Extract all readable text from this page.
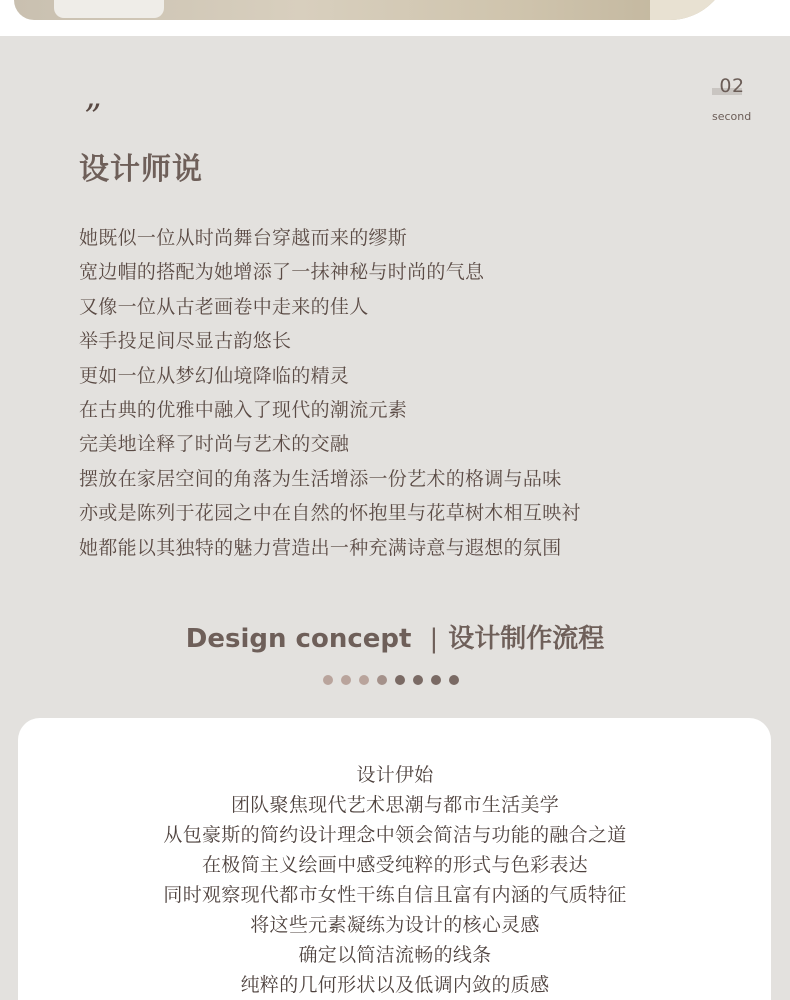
02
second
”
设计师说
她既似一位从时尚舞台穿越而来的缪斯
宽边帽的搭配为她增添了一抹神秘与时尚的气息
又像一位从古老画卷中走来的佳人
举手投足间尽显古韵悠长
更如一位从梦幻仙境降临的精灵
在古典的优雅中融入了现代的潮流元素
完美地诠释了时尚与艺术的交融
摆放在家居空间的角落为生活增添一份艺术的格调与品味
亦或是陈列于花园之中在自然的怀抱里与花草树木相互映衬
她都能以其独特的魅力营造出一种充满诗意与遐想的氛围
Design concept | 设计制作流程
设计伊始
团队聚焦现代艺术思潮与都市生活美学
从包豪斯的简约设计理念中领会简洁与功能的融合之道
在极简主义绘画中感受纯粹的形式与色彩表达
同时观察现代都市女性干练自信且富有内涵的气质特征
将这些元素凝练为设计的核心灵感
确定以简洁流畅的线条
纯粹的几何形状以及低调内敛的质感
